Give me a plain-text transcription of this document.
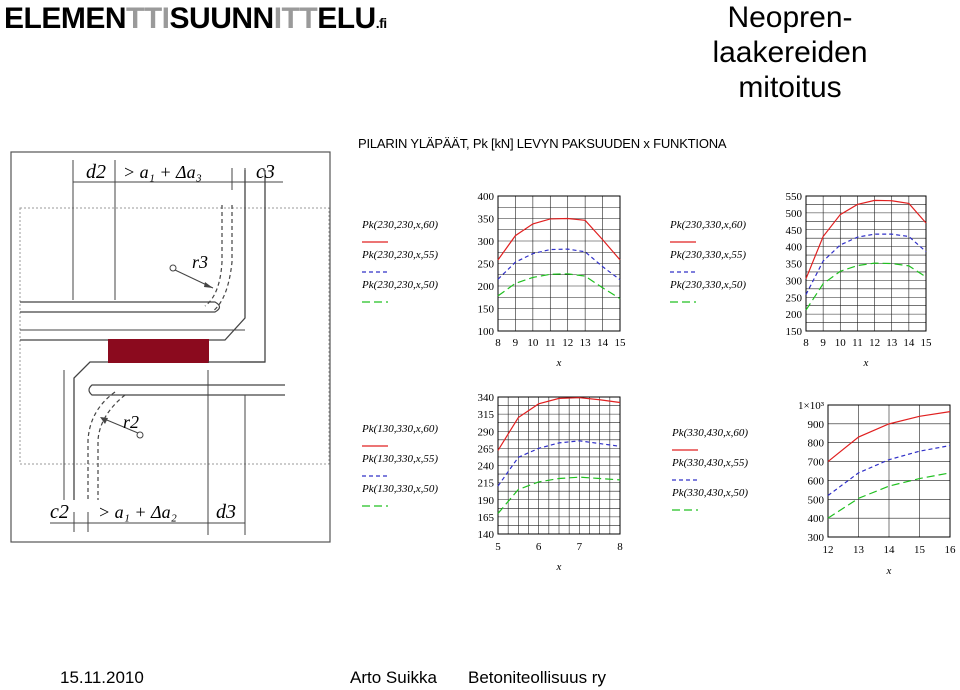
ELEMENTTISUUNNITTELU.fi	Neopren-
laakereiden
mitoitus
PILARIN YLÄPÄÄT, Pk [kN] LEVYN PAKSUUDEN x FUNKTIONA
d2 > a₁ + Δa₃	c3
r3
r2
c2 > a₁ + Δa₂ d3
100
150
200
250
300
350
400
8 9 10 11 12 13 14 15
x
Pk(230,230,x,60)
Pk(230,230,x,55)
Pk(230,230,x,50)
150
200
250
300
350
400
450
500
550
8 9 10 11 12 13 14 15
x
Pk(230,330,x,60)
Pk(230,330,x,55)
Pk(230,330,x,50)
140
165
190
215
240
265
290
315
340
5	6	7	8
x
Pk(130,330,x,60)
Pk(130,330,x,55)
Pk(130,330,x,50)
300
400
500
600
700
800
900
1×10³
12 13 14 15 16
x
Pk(330,430,x,60)
Pk(330,430,x,55)
Pk(330,430,x,50)
15.11.2010	Arto Suikka Betoniteollisuus ry
